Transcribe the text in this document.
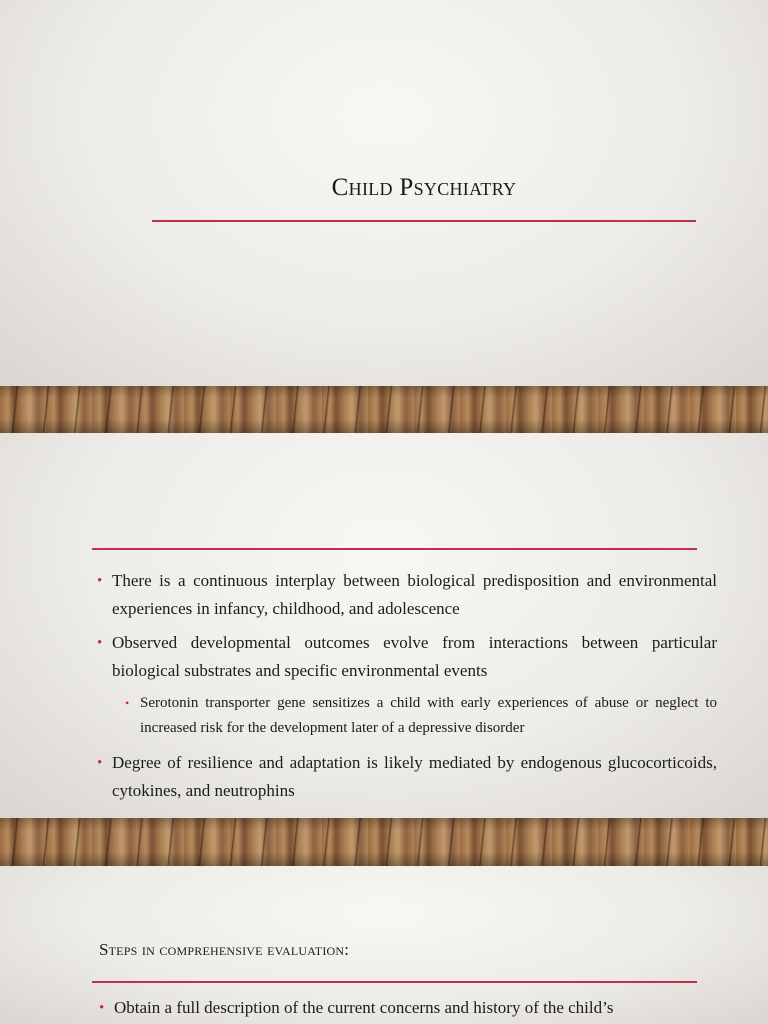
Child Psychiatry
• There is a continuous interplay between biological predisposition and environmental experiences in infancy, childhood, and adolescence
• Observed developmental outcomes evolve from interactions between particular biological substrates and specific environmental events
• Serotonin transporter gene sensitizes a child with early experiences of abuse or neglect to increased risk for the development later of a depressive disorder
• Degree of resilience and adaptation is likely mediated by endogenous glucocorticoids, cytokines, and neutrophins
Steps in comprehensive evaluation:
• Obtain a full description of the current concerns and history of the child’s
